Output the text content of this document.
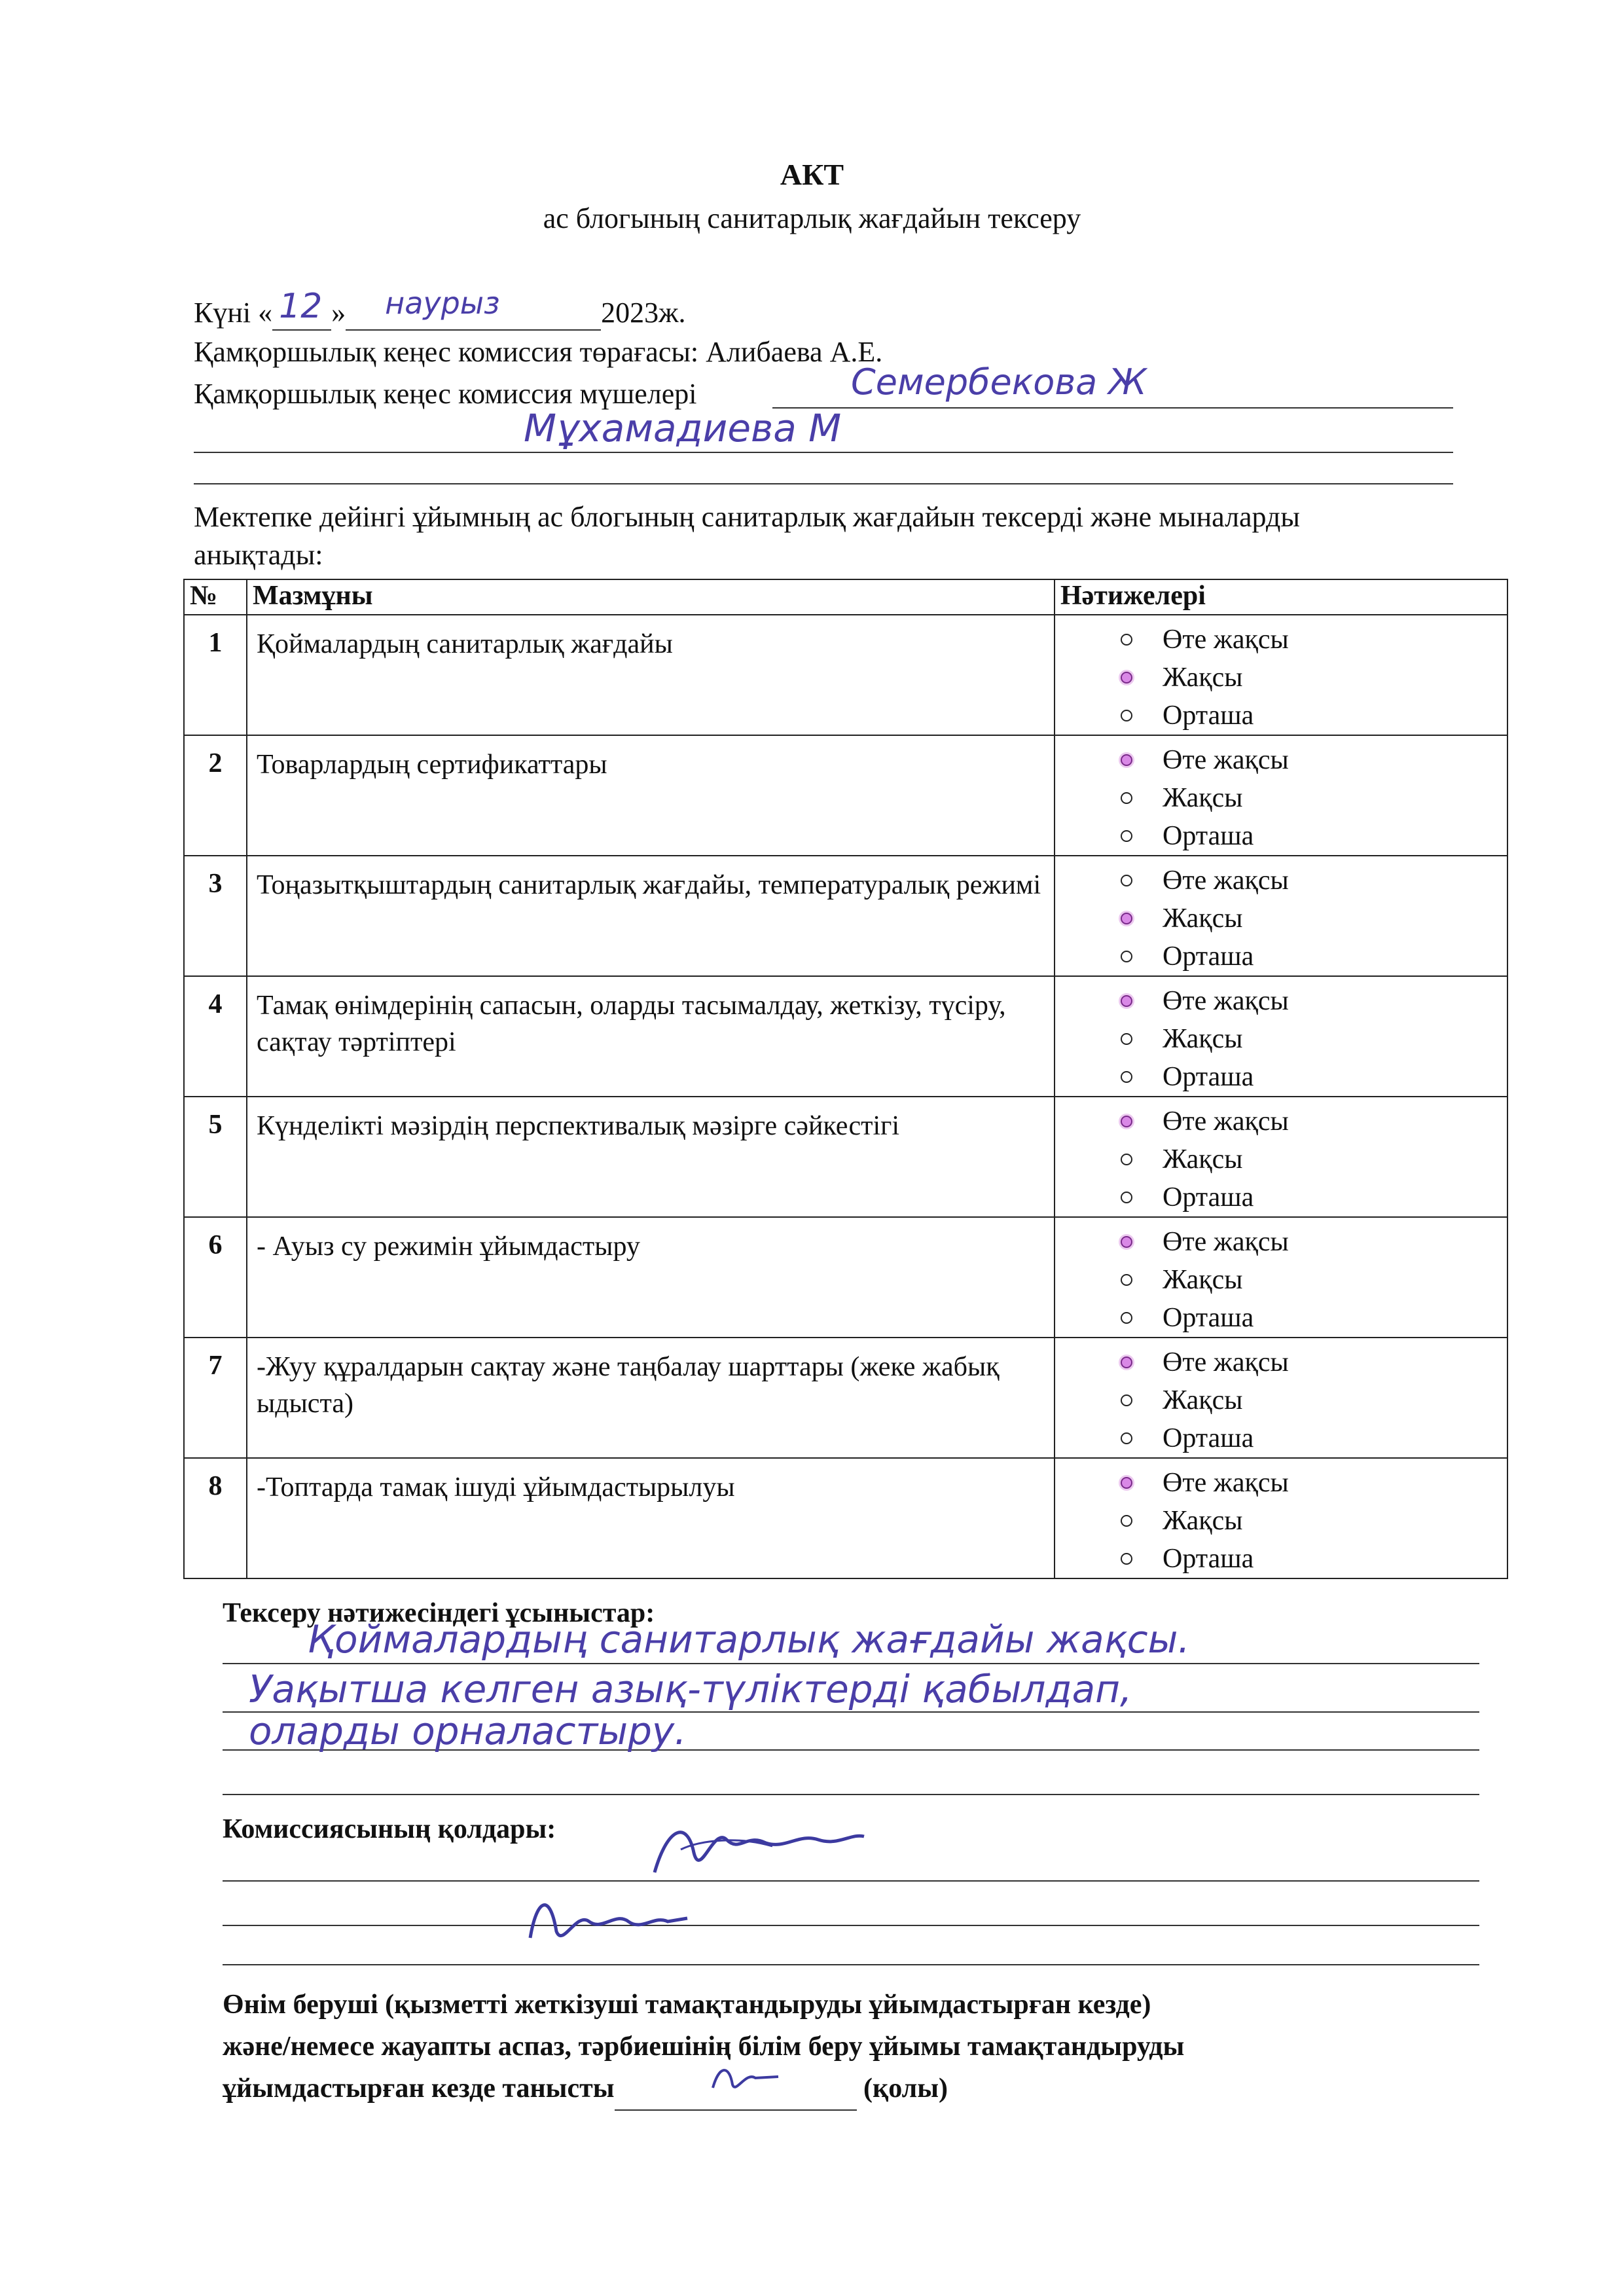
АКТ
ас блогының санитарлық жағдайын тексеру
Күні « 12 » наурыз	2023ж.
Қамқоршылық кеңес комиссия төрағасы: Алибаева А.Е.
Қамқоршылық кеңес комиссия мүшелері	Семербекова Ж
Мұхамадиева М
Мектепке дейінгі ұйымның ас блогының санитарлық жағдайын тексерді және мыналарды
анықтады:
№	Мазмұны	Нәтижелері
1	Қоймалардың санитарлық жағдайы	Өте жақсы
Жақсы
Орташа

2	Товарлардың сертификаттары	Өте жақсы
Жақсы
Орташа

3	Тоңазытқыштардың санитарлық жағдайы, температуралық режимі	Өте жақсы
Жақсы
Орташа

4	Тамақ өнімдерінің сапасын, оларды тасымалдау, жеткізу, түсіру, сақтау тәртіптері	Өте жақсы
Жақсы
Орташа

5	Күнделікті мәзірдің перспективалық мәзірге сәйкестігі	Өте жақсы
Жақсы
Орташа

6	- Ауыз су режимін ұйымдастыру	Өте жақсы
Жақсы
Орташа

7	-Жуу құралдарын сақтау және таңбалау шарттары (жеке жабық ыдыста)	Өте жақсы
Жақсы
Орташа

8	-Топтарда тамақ ішуді ұйымдастырылуы	Өте жақсы
Жақсы
Орташа
Тексеру нәтижесіндегі ұсыныстар:
Қоймалардың санитарлық жағдайы жақсы.
Уақытша келген азық-түліктерді қабылдап,
оларды орналастыру.
Комиссиясының қолдары:
Өнім беруші (қызметті жеткізуші тамақтандыруды ұйымдастырған кезде)
және/немесе жауапты аспаз, тәрбиешінің білім беру ұйымы тамақтандыруды
ұйымдастырған кезде танысты	(қолы)
